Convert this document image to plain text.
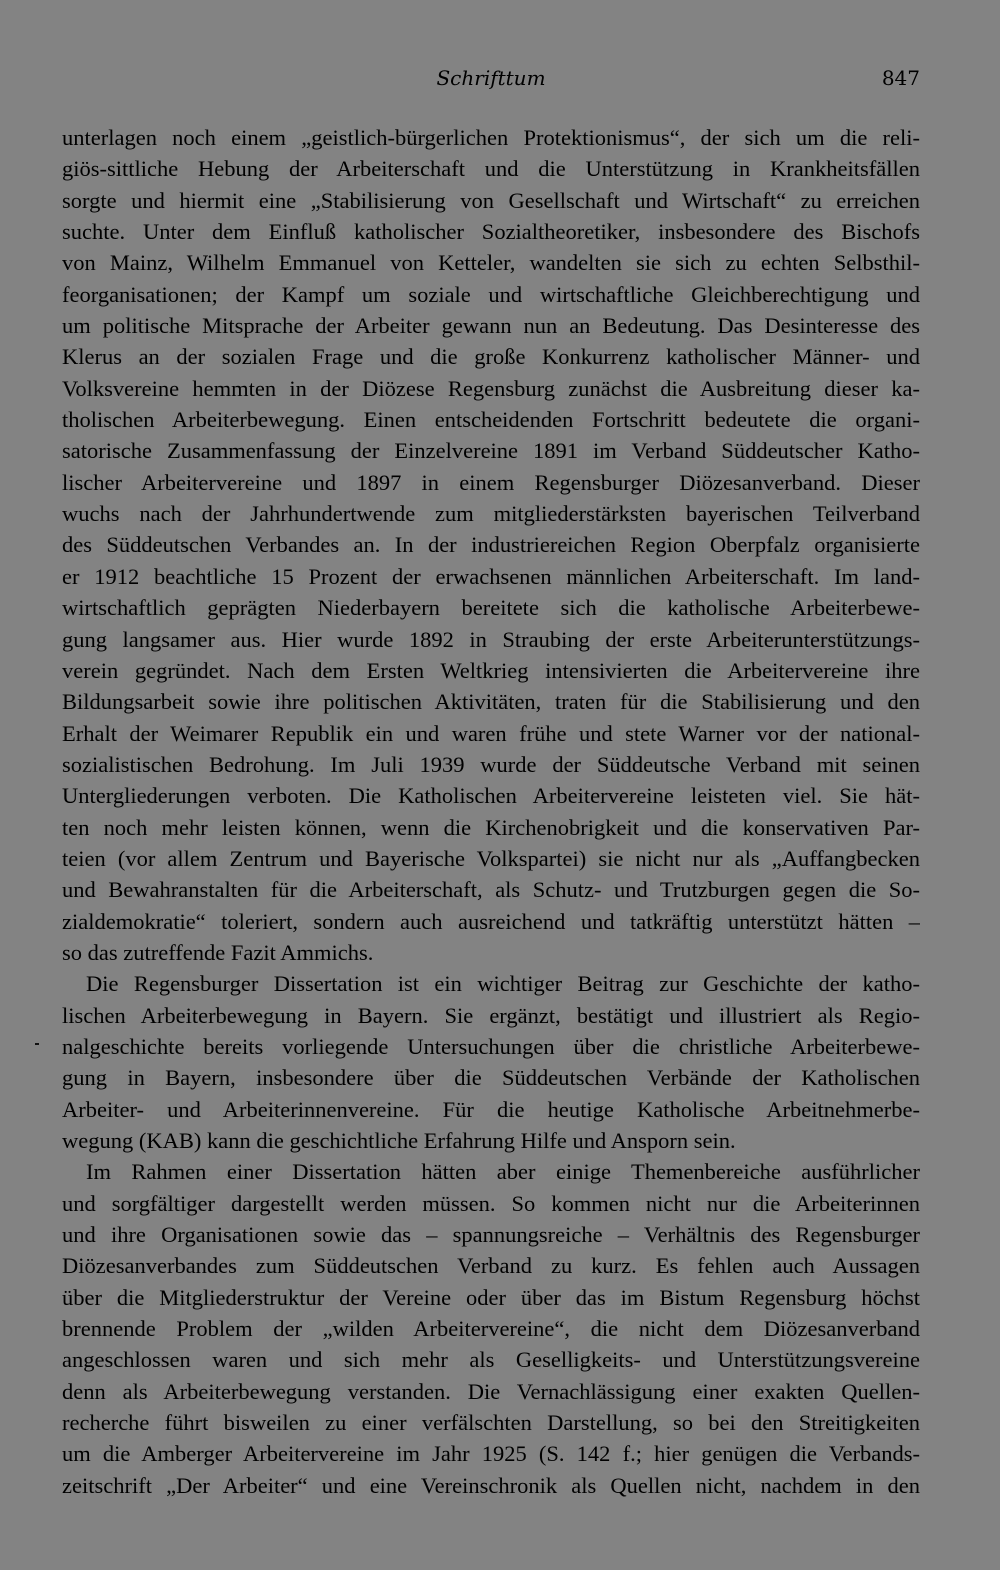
Schrifttum	847
unterlagen noch einem „geistlich-bürgerlichen Protektionismus“, der sich um die reli-
giös-sittliche Hebung der Arbeiterschaft und die Unterstützung in Krankheitsfällen
sorgte und hiermit eine „Stabilisierung von Gesellschaft und Wirtschaft“ zu erreichen
suchte. Unter dem Einfluß katholischer Sozialtheoretiker, insbesondere des Bischofs
von Mainz, Wilhelm Emmanuel von Ketteler, wandelten sie sich zu echten Selbsthil-
feorganisationen; der Kampf um soziale und wirtschaftliche Gleichberechtigung und
um politische Mitsprache der Arbeiter gewann nun an Bedeutung. Das Desinteresse des
Klerus an der sozialen Frage und die große Konkurrenz katholischer Männer- und
Volksvereine hemmten in der Diözese Regensburg zunächst die Ausbreitung dieser ka-
tholischen Arbeiterbewegung. Einen entscheidenden Fortschritt bedeutete die organi-
satorische Zusammenfassung der Einzelvereine 1891 im Verband Süddeutscher Katho-
lischer Arbeitervereine und 1897 in einem Regensburger Diözesanverband. Dieser
wuchs nach der Jahrhundertwende zum mitgliederstärksten bayerischen Teilverband
des Süddeutschen Verbandes an. In der industriereichen Region Oberpfalz organisierte
er 1912 beachtliche 15 Prozent der erwachsenen männlichen Arbeiterschaft. Im land-
wirtschaftlich geprägten Niederbayern bereitete sich die katholische Arbeiterbewe-
gung langsamer aus. Hier wurde 1892 in Straubing der erste Arbeiterunterstützungs-
verein gegründet. Nach dem Ersten Weltkrieg intensivierten die Arbeitervereine ihre
Bildungsarbeit sowie ihre politischen Aktivitäten, traten für die Stabilisierung und den
Erhalt der Weimarer Republik ein und waren frühe und stete Warner vor der national-
sozialistischen Bedrohung. Im Juli 1939 wurde der Süddeutsche Verband mit seinen
Untergliederungen verboten. Die Katholischen Arbeitervereine leisteten viel. Sie hät-
ten noch mehr leisten können, wenn die Kirchenobrigkeit und die konservativen Par-
teien (vor allem Zentrum und Bayerische Volkspartei) sie nicht nur als „Auffangbecken
und Bewahranstalten für die Arbeiterschaft, als Schutz- und Trutzburgen gegen die So-
zialdemokratie“ toleriert, sondern auch ausreichend und tatkräftig unterstützt hätten –
so das zutreffende Fazit Ammichs.
Die Regensburger Dissertation ist ein wichtiger Beitrag zur Geschichte der katho-
lischen Arbeiterbewegung in Bayern. Sie ergänzt, bestätigt und illustriert als Regio-
nalgeschichte bereits vorliegende Untersuchungen über die christliche Arbeiterbewe-
gung in Bayern, insbesondere über die Süddeutschen Verbände der Katholischen
Arbeiter- und Arbeiterinnenvereine. Für die heutige Katholische Arbeitnehmerbe-
wegung (KAB) kann die geschichtliche Erfahrung Hilfe und Ansporn sein.
Im Rahmen einer Dissertation hätten aber einige Themenbereiche ausführlicher
und sorgfältiger dargestellt werden müssen. So kommen nicht nur die Arbeiterinnen
und ihre Organisationen sowie das – spannungsreiche – Verhältnis des Regensburger
Diözesanverbandes zum Süddeutschen Verband zu kurz. Es fehlen auch Aussagen
über die Mitgliederstruktur der Vereine oder über das im Bistum Regensburg höchst
brennende Problem der „wilden Arbeitervereine“, die nicht dem Diözesanverband
angeschlossen waren und sich mehr als Geselligkeits- und Unterstützungsvereine
denn als Arbeiterbewegung verstanden. Die Vernachlässigung einer exakten Quellen-
recherche führt bisweilen zu einer verfälschten Darstellung, so bei den Streitigkeiten
um die Amberger Arbeitervereine im Jahr 1925 (S. 142 f.; hier genügen die Verbands-
zeitschrift „Der Arbeiter“ und eine Vereinschronik als Quellen nicht, nachdem in den
